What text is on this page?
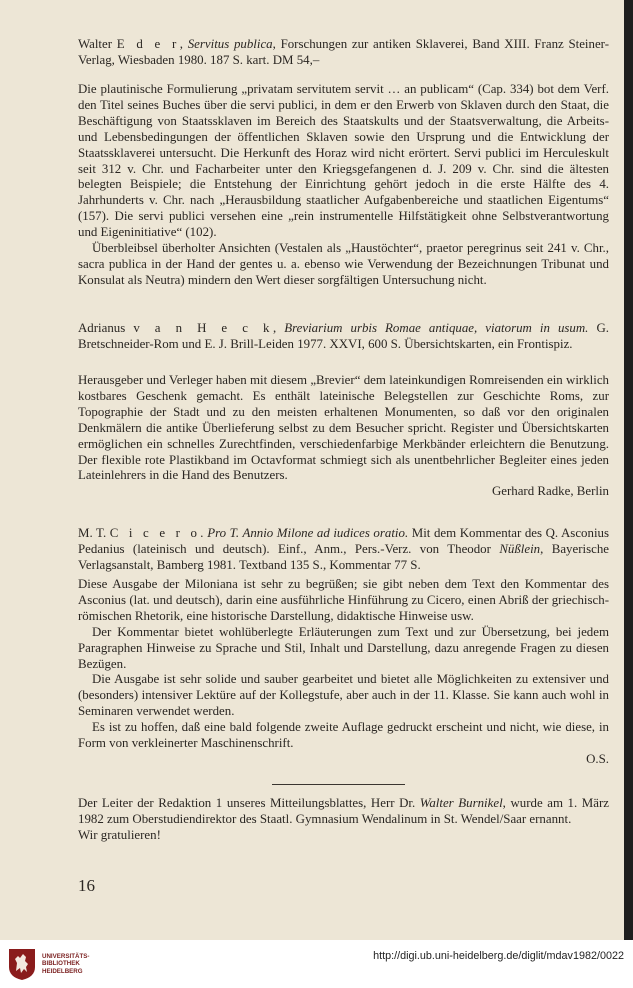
Walter E d e r, Servitus publica, Forschungen zur antiken Sklaverei, Band XIII. Franz Steiner-Verlag, Wiesbaden 1980. 187 S. kart. DM 54,–

Die plautinische Formulierung „privatam servitutem servit … an publicam“ (Cap. 334) bot dem Verf. den Titel seines Buches über die servi publici, in dem er den Erwerb von Sklaven durch den Staat, die Beschäftigung von Staatssklaven im Bereich des Staatskults und der Staatsverwaltung, die Arbeits- und Lebensbedingungen der öffentlichen Sklaven sowie den Ursprung und die Entwicklung der Staatssklaverei untersucht. Die Herkunft des Horaz wird nicht erörtert. Servi publici im Herculeskult seit 312 v. Chr. und Facharbeiter unter den Kriegsgefangenen d. J. 209 v. Chr. sind die ältesten belegten Beispiele; die Entstehung der Einrichtung gehört jedoch in die erste Hälfte des 4. Jahrhunderts v. Chr. nach „Herausbildung staatlicher Aufgabenbereiche und staatlichen Eigentums“ (157). Die servi publici versehen eine „rein instrumentelle Hilfstätigkeit ohne Selbstverantwortung und Eigeninitiative“ (102).

Überbleibsel überholter Ansichten (Vestalen als „Haustöchter“, praetor peregrinus seit 241 v. Chr., sacra publica in der Hand der gentes u. a. ebenso wie Verwendung der Bezeichnungen Tribunat und Konsulat als Neutra) mindern den Wert dieser sorgfältigen Untersuchung nicht.

Adrianus v a n H e c k, Breviarium urbis Romae antiquae, viatorum in usum. G. Bretschneider-Rom und E. J. Brill-Leiden 1977. XXVI, 600 S. Übersichtskarten, ein Frontispiz.

Herausgeber und Verleger haben mit diesem „Brevier“ dem lateinkundigen Romreisenden ein wirklich kostbares Geschenk gemacht. Es enthält lateinische Belegstellen zur Geschichte Roms, zur Topographie der Stadt und zu den meisten erhaltenen Monumenten, so daß vor den originalen Denkmälern die antike Überlieferung selbst zu dem Besucher spricht. Register und Übersichtskarten ermöglichen ein schnelles Zurechtfinden, verschiedenfarbige Merkbänder erleichtern die Benutzung. Der flexible rote Plastikband im Octavformat schmiegt sich als unentbehrlicher Begleiter eines jeden Lateinlehrers in die Hand des Benutzers.

Gerhard Radke, Berlin

M. T. C i c e r o. Pro T. Annio Milone ad iudices oratio. Mit dem Kommentar des Q. Asconius Pedanius (lateinisch und deutsch). Einf., Anm., Pers.-Verz. von Theodor Nüßlein, Bayerische Verlagsanstalt, Bamberg 1981. Textband 135 S., Kommentar 77 S.

Diese Ausgabe der Miloniana ist sehr zu begrüßen; sie gibt neben dem Text den Kommentar des Asconius (lat. und deutsch), darin eine ausführliche Hinführung zu Cicero, einen Abriß der griechisch-römischen Rhetorik, eine historische Darstellung, didaktische Hinweise usw.

Der Kommentar bietet wohlüberlegte Erläuterungen zum Text und zur Übersetzung, bei jedem Paragraphen Hinweise zu Sprache und Stil, Inhalt und Darstellung, dazu anregende Fragen zu diesen Bezügen.

Die Ausgabe ist sehr solide und sauber gearbeitet und bietet alle Möglichkeiten zu extensiver und (besonders) intensiver Lektüre auf der Kollegstufe, aber auch in der 11. Klasse. Sie kann auch wohl in Seminaren verwendet werden.

Es ist zu hoffen, daß eine bald folgende zweite Auflage gedruckt erscheint und nicht, wie diese, in Form von verkleinerter Maschinenschrift.

O.S.

Der Leiter der Redaktion 1 unseres Mitteilungsblattes, Herr Dr. Walter Burnikel, wurde am 1. März 1982 zum Oberstudiendirektor des Staatl. Gymnasium Wendalinum in St. Wendel/Saar ernannt.

Wir gratulieren!

16
UNIVERSITÄTS-
BIBLIOTHEK
HEIDELBERG
http://digi.ub.uni-heidelberg.de/diglit/mdav1982/0022
